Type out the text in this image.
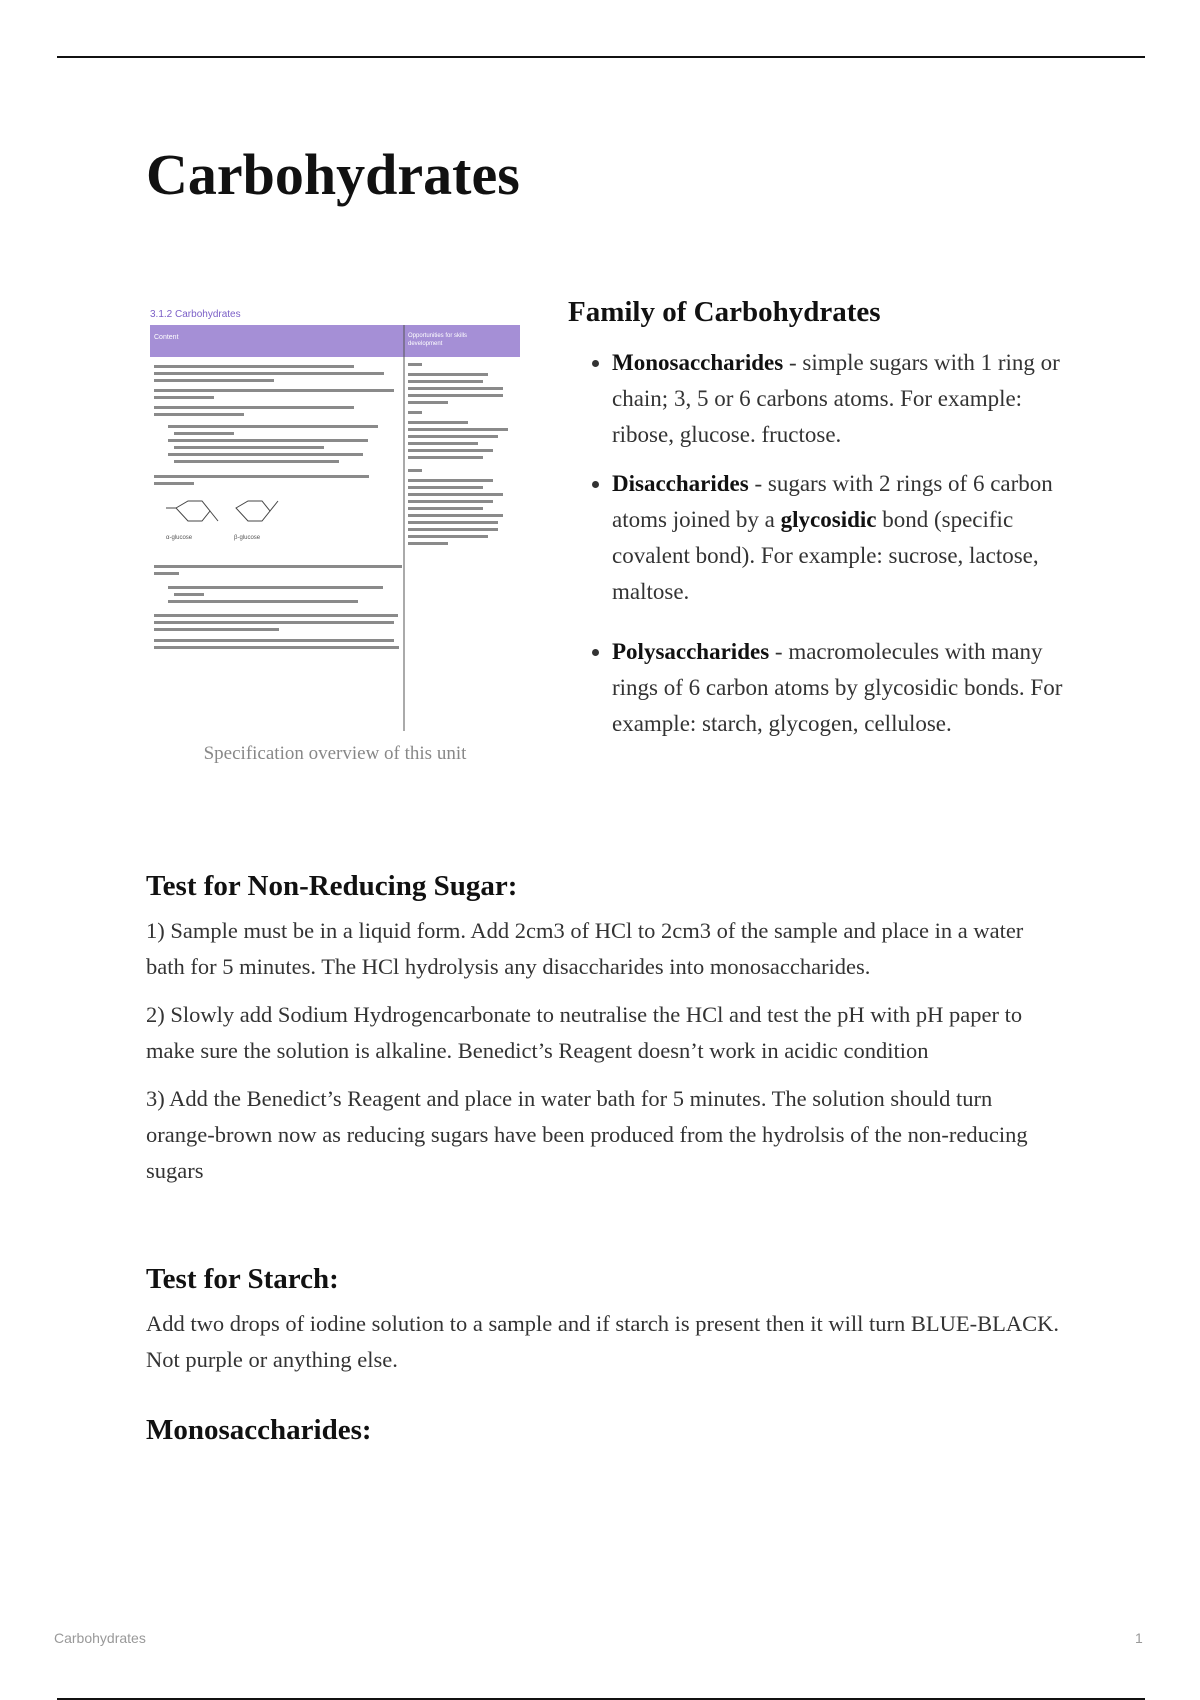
Carbohydrates
3.1.2 Carbohydrates
Content	Opportunities for skills
development
α-glucose	β-glucose
Specification overview of this unit
Family of Carbohydrates
• Monosaccharides - simple sugars with 1 ring or chain; 3, 5 or 6 carbons atoms. For example: ribose, glucose. fructose.
• Disaccharides - sugars with 2 rings of 6 carbon atoms joined by a glycosidic bond (specific covalent bond). For example: sucrose, lactose, maltose.
• Polysaccharides - macromolecules with many rings of 6 carbon atoms by glycosidic bonds. For example: starch, glycogen, cellulose.
Test for Non-Reducing Sugar:

1) Sample must be in a liquid form. Add 2cm3 of HCl to 2cm3 of the sample and place in a water bath for 5 minutes. The HCl hydrolysis any disaccharides into monosaccharides.

2) Slowly add Sodium Hydrogencarbonate to neutralise the HCl and test the pH with pH paper to make sure the solution is alkaline. Benedict’s Reagent doesn’t work in acidic condition

3) Add the Benedict’s Reagent and place in water bath for 5 minutes. The solution should turn orange-brown now as reducing sugars have been produced from the hydrolsis of the non-reducing sugars

Test for Starch:

Add two drops of iodine solution to a sample and if starch is present then it will turn BLUE-BLACK. Not purple or anything else.

Monosaccharides:
Carbohydrates	1
